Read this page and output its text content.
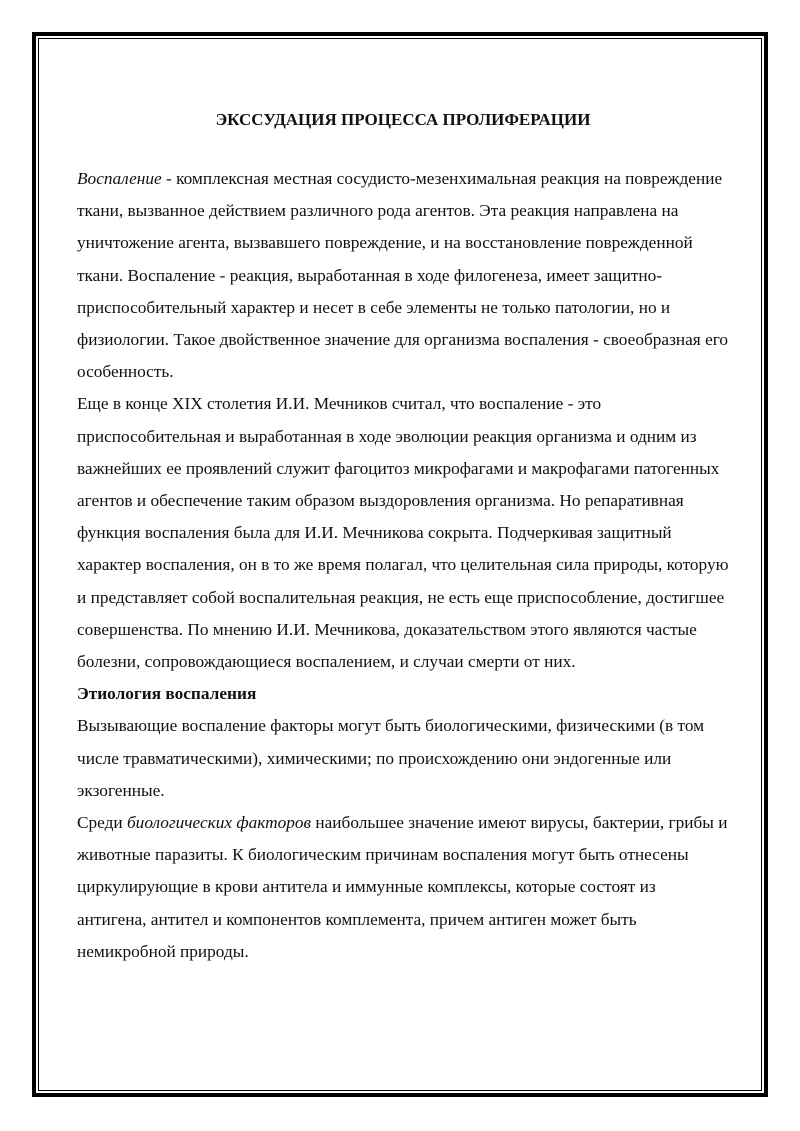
ЭКССУДАЦИЯ ПРОЦЕССА ПРОЛИФЕРАЦИИ

Воспаление - комплексная местная сосудисто-мезенхимальная реакция на повреждение ткани, вызванное действием различного рода агентов. Эта реакция направлена на уничтожение агента, вызвавшего повреждение, и на восстановление поврежденной ткани. Воспаление - реакция, выработанная в ходе филогенеза, имеет защитно-приспособительный характер и несет в себе элементы не только патологии, но и физиологии. Такое двойственное значение для организма воспаления - своеобразная его особенность.

Еще в конце XIX столетия И.И. Мечников считал, что воспаление - это приспособительная и выработанная в ходе эволюции реакция организма и одним из важнейших ее проявлений служит фагоцитоз микрофагами и макрофагами патогенных агентов и обеспечение таким образом выздоровления организма. Но репаративная функция воспаления была для И.И. Мечникова сокрыта. Подчеркивая защитный характер воспаления, он в то же время полагал, что целительная сила природы, которую и представляет собой воспалительная реакция, не есть еще приспособление, достигшее совершенства. По мнению И.И. Мечникова, доказательством этого являются частые болезни, сопровождающиеся воспалением, и случаи смерти от них.

Этиология воспаления

Вызывающие воспаление факторы могут быть биологическими, физическими (в том числе травматическими), химическими; по происхождению они эндогенные или экзогенные.

Среди биологических факторов наибольшее значение имеют вирусы, бактерии, грибы и животные паразиты. К биологическим причинам воспаления могут быть отнесены циркулирующие в крови антитела и иммунные комплексы, которые состоят из антигена, антител и компонентов комплемента, причем антиген может быть немикробной природы.
